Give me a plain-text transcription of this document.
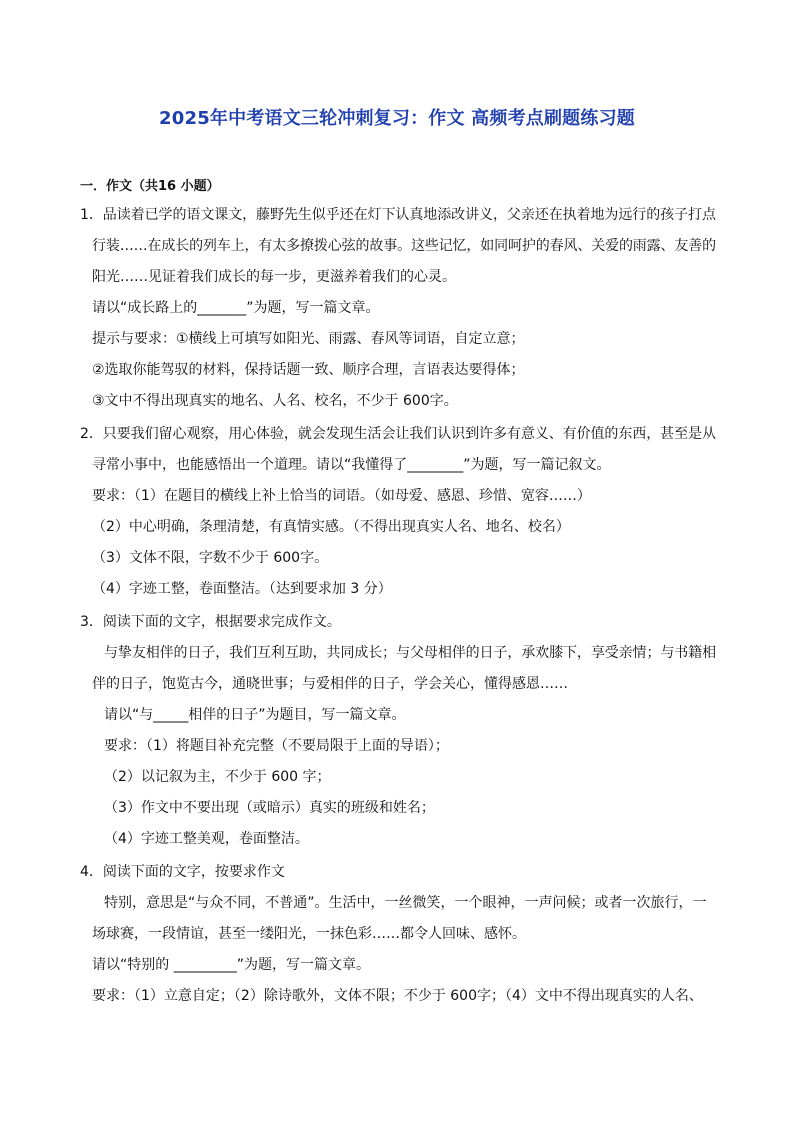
2025年中考语文三轮冲刺复习：作文 高频考点刷题练习题
一．作文（共16 小题）
1．品读着已学的语文课文，藤野先生似乎还在灯下认真地添改讲义，父亲还在执着地为远行的孩子打点
行装……在成长的列车上，有太多撩拨心弦的故事。这些记忆，如同呵护的春风、关爱的雨露、友善的
阳光……见证着我们成长的每一步，更滋养着我们的心灵。
请以“成长路上的_______”为题，写一篇文章。
提示与要求：①横线上可填写如阳光、雨露、春风等词语，自定立意；
②选取你能驾驭的材料，保持话题一致、顺序合理，言语表达要得体；
③文中不得出现真实的地名、人名、校名，不少于 600字。
2．只要我们留心观察，用心体验，就会发现生活会让我们认识到许多有意义、有价值的东西，甚至是从
寻常小事中，也能感悟出一个道理。请以“我懂得了________”为题，写一篇记叙文。
要求：（1）在题目的横线上补上恰当的词语。（如母爱、感恩、珍惜、宽容……）
（2）中心明确，条理清楚，有真情实感。（不得出现真实人名、地名、校名）
（3）文体不限，字数不少于 600字。
（4）字迹工整，卷面整洁。（达到要求加 3 分）
3．阅读下面的文字，根据要求完成作文。
与挚友相伴的日子，我们互利互助，共同成长；与父母相伴的日子，承欢膝下，享受亲情；与书籍相
伴的日子，饱览古今，通晓世事；与爱相伴的日子，学会关心，懂得感恩……
请以“与_____相伴的日子”为题目，写一篇文章。
要求：（1）将题目补充完整（不要局限于上面的导语）；
（2）以记叙为主，不少于 600 字；
（3）作文中不要出现（或暗示）真实的班级和姓名；
（4）字迹工整美观，卷面整洁。
4．阅读下面的文字，按要求作文
特别，意思是“与众不同，不普通”。生活中，一丝微笑，一个眼神，一声问候；或者一次旅行，一
场球赛，一段情谊，甚至一缕阳光，一抹色彩……都令人回味、感怀。
请以“特别的 _________”为题，写一篇文章。
要求：（1）立意自定；（2）除诗歌外，文体不限；不少于 600字；（4）文中不得出现真实的人名、
